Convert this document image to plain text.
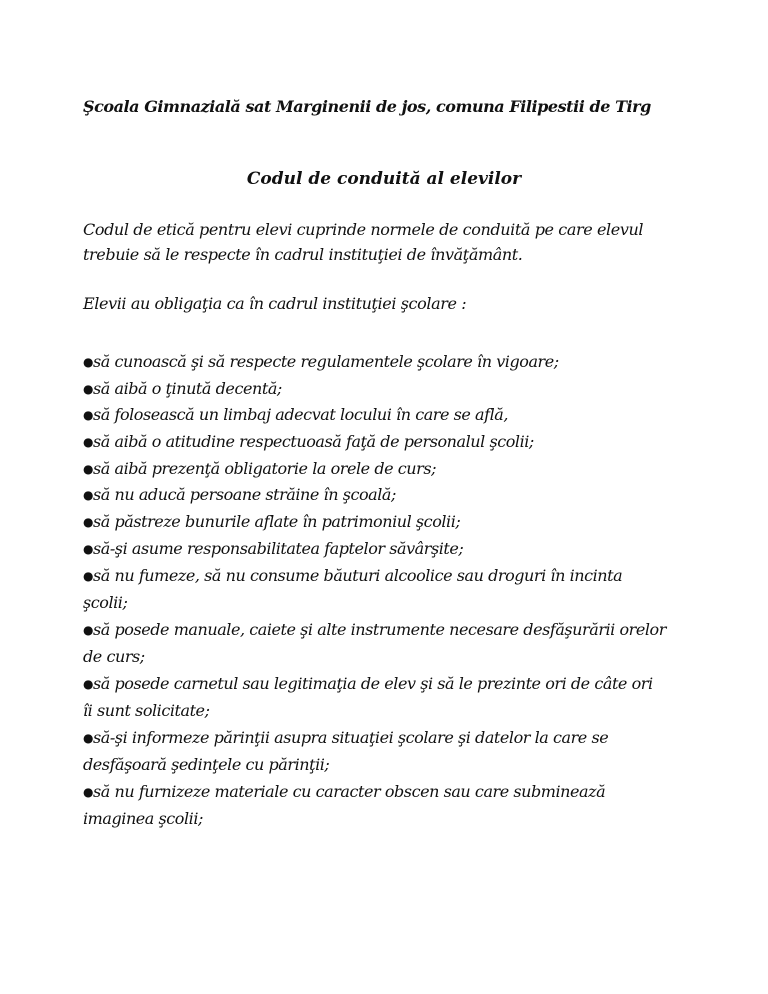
Şcoala Gimnazială sat Marginenii de jos, comuna Filipestii de Tirg
Codul de conduită al elevilor
Codul de etică pentru elevi cuprinde normele de conduită pe care elevul
trebuie să le respecte în cadrul instituţiei de învăţământ.
Elevii au obligaţia ca în cadrul instituţiei şcolare :
●să cunoască şi să respecte regulamentele şcolare în vigoare;
●să aibă o ţinută decentă;
●să folosească un limbaj adecvat locului în care se află,
●să aibă o atitudine respectuoasă faţă de personalul şcolii;
●să aibă prezenţă obligatorie la orele de curs;
●să nu aducă persoane străine în şcoală;
●să păstreze bunurile aflate în patrimoniul şcolii;
●să-şi asume responsabilitatea faptelor săvârşite;
●să nu fumeze, să nu consume băuturi alcoolice sau droguri în incinta
şcolii;
●să posede manuale, caiete şi alte instrumente necesare desfăşurării orelor
de curs;
●să posede carnetul sau legitimaţia de elev şi să le prezinte ori de câte ori
îi sunt solicitate;
●să-şi informeze părinţii asupra situaţiei şcolare şi datelor la care se
desfăşoară şedinţele cu părinţii;
●să nu furnizeze materiale cu caracter obscen sau care subminează
imaginea şcolii;
